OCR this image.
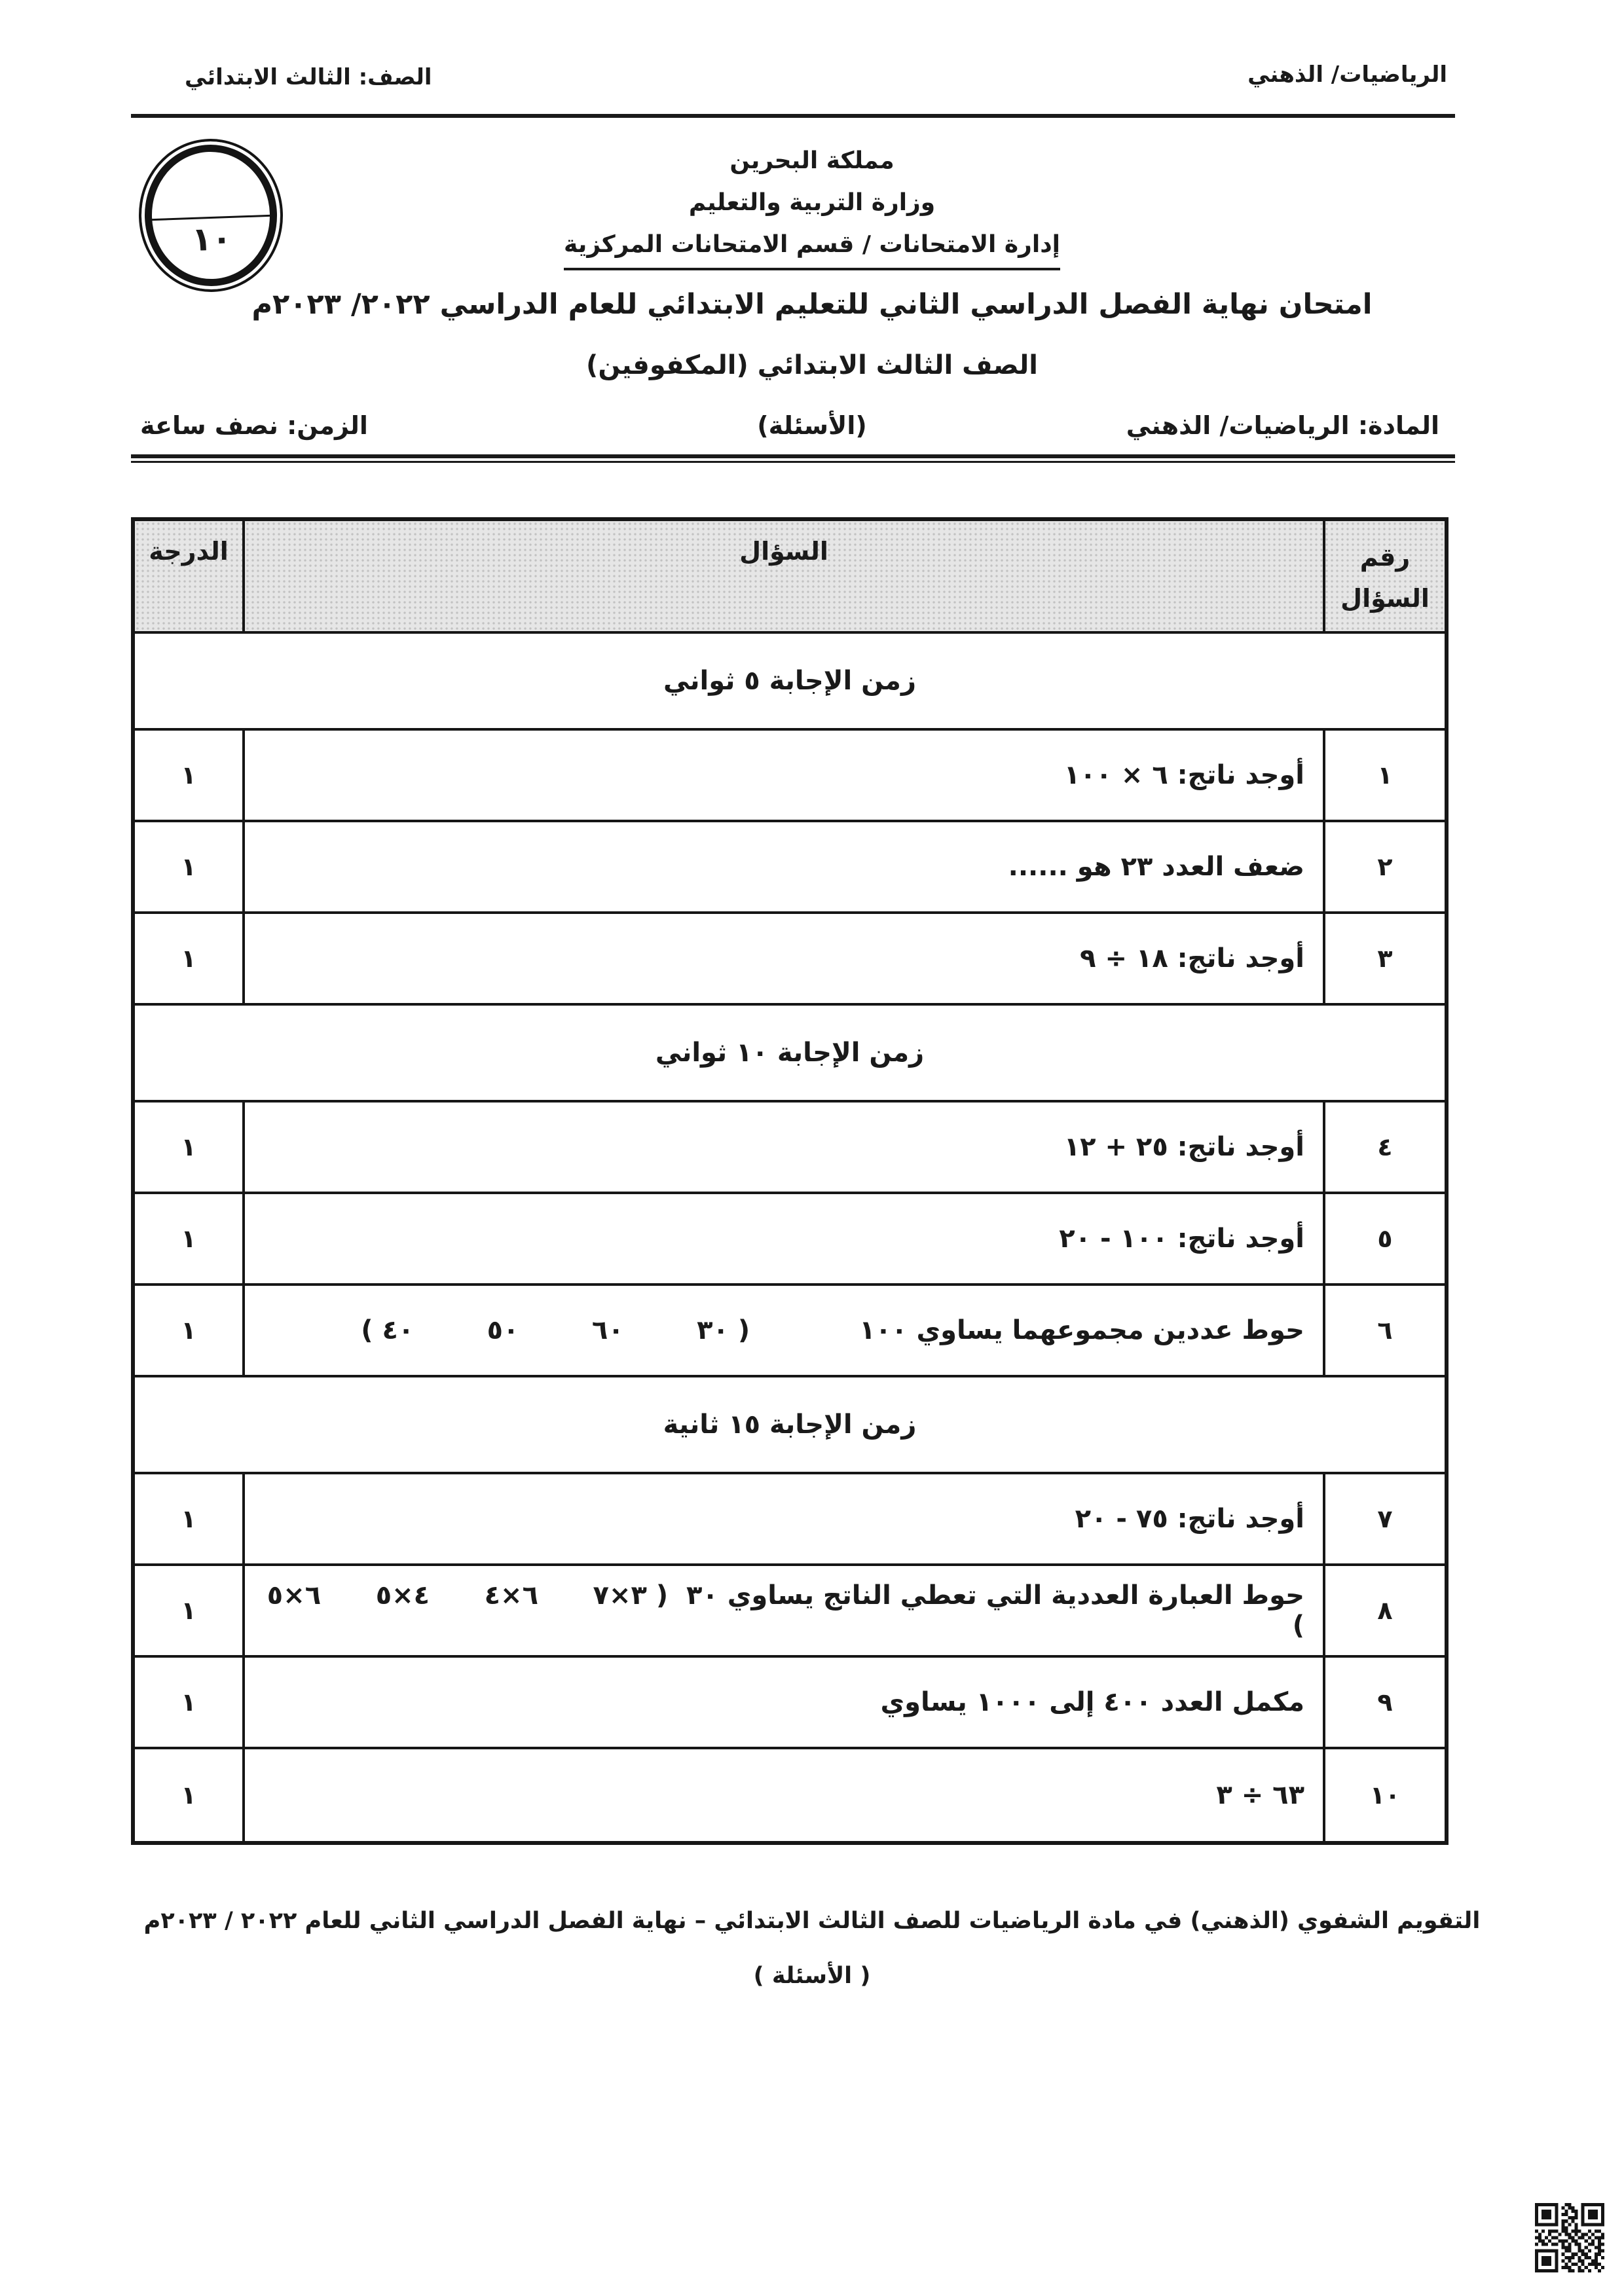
الرياضيات/ الذهني
الصف: الثالث الابتدائي
١٠
مملكة البحرين
وزارة التربية والتعليم
إدارة الامتحانات / قسم الامتحانات المركزية
امتحان نهاية الفصل الدراسي الثاني للتعليم الابتدائي للعام الدراسي ٢٠٢٢/ ٢٠٢٣م
الصف الثالث الابتدائي (المكفوفين)
المادة: الرياضيات/ الذهني
(الأسئلة)
الزمن: نصف ساعة
رقم السؤال
السؤال
الدرجة
زمن الإجابة ٥ ثواني
١
أوجد ناتج: ٦ × ١٠٠
١
٢
ضعف العدد ٢٣ هو ......
١
٣
أوجد ناتج: ١٨ ÷ ٩
١
زمن الإجابة ١٠ ثواني
٤
أوجد ناتج: ٢٥ + ١٢
١
٥
أوجد ناتج: ١٠٠ - ٢٠
١
٦
حوط عددين مجموعهما يساوي ١٠٠            ( ٣٠        ٦٠        ٥٠        ٤٠ )
١
زمن الإجابة ١٥ ثانية
٧
أوجد ناتج: ٧٥ - ٢٠
١
٨
حوط العبارة العددية التي تعطي الناتج يساوي ٣٠  ( ٣×٧      ٦×٤      ٤×٥      ٦×٥ )
١
٩
مكمل العدد ٤٠٠ إلى ١٠٠٠ يساوي
١
١٠
٦٣ ÷ ٣
١
التقويم الشفوي (الذهني) في مادة الرياضيات للصف الثالث الابتدائي – نهاية الفصل الدراسي الثاني للعام ٢٠٢٢ / ٢٠٢٣م
( الأسئلة )
